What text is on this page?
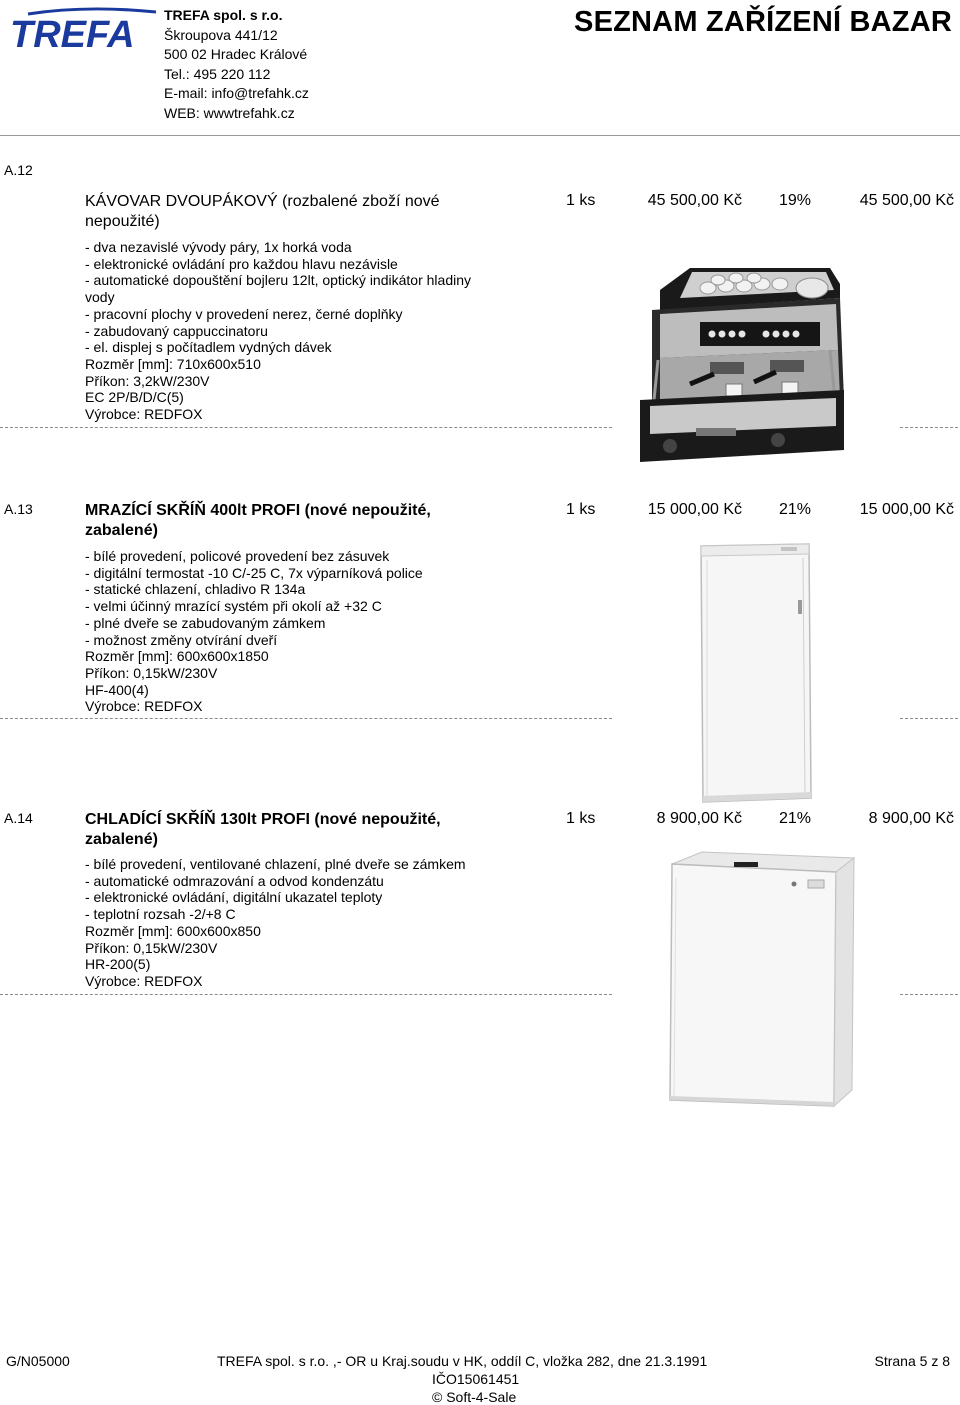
TREFA TREFA spol. s r.o.
Škroupova 441/12
500 02 Hradec Králové
Tel.: 495 220 112
E-mail: info@trefahk.cz
WEB: wwwtrefahk.cz
SEZNAM ZAŘÍZENÍ BAZAR
A.12
KÁVOVAR DVOUPÁKOVÝ (rozbalené zboží nové nepoužité)
1 ks	45 500,00 Kč 19%	45 500,00 Kč
- dva nezavislé vývody páry, 1x horká voda
- elektronické ovládání pro každou hlavu nezávisle
- automatické dopouštění bojleru 12lt, optický indikátor hladiny
vody
- pracovní plochy v provedení nerez, černé doplňky
- zabudovaný cappuccinatoru
- el. displej s počítadlem vydných dávek
Rozměr [mm]: 710x600x510
Příkon: 3,2kW/230V
EC 2P/B/D/C(5)
Výrobce: REDFOX
A.13	MRAZÍCÍ SKŘÍŇ 400lt PROFI (nové nepoužité, zabalené)
1 ks	15 000,00 Kč 21%	15 000,00 Kč
- bílé provedení, policové provedení bez zásuvek
- digitální termostat -10 C/-25 C, 7x výparníková police
- statické chlazení, chladivo R 134a
- velmi účinný mrazící systém při okolí až +32 C
- plné dveře se zabudovaným zámkem
- možnost změny otvírání dveří
Rozměr [mm]: 600x600x1850
Příkon: 0,15kW/230V
HF-400(4)
Výrobce: REDFOX
A.14	CHLADÍCÍ SKŘÍŇ 130lt PROFI (nové nepoužité, zabalené)
1 ks	8 900,00 Kč 21%	8 900,00 Kč
- bílé provedení, ventilované chlazení, plné dveře se zámkem
- automatické odmrazování a odvod kondenzátu
- elektronické ovládání, digitální ukazatel teploty
- teplotní rozsah -2/+8 C
Rozměr [mm]: 600x600x850
Příkon: 0,15kW/230V
HR-200(5)
Výrobce: REDFOX
G/N05000	TREFA spol. s r.o. ,- OR u Kraj.soudu v HK, oddíl C, vložka 282, dne 21.3.1991
IČO15061451
© Soft-4-Sale
Strana 5 z 8
